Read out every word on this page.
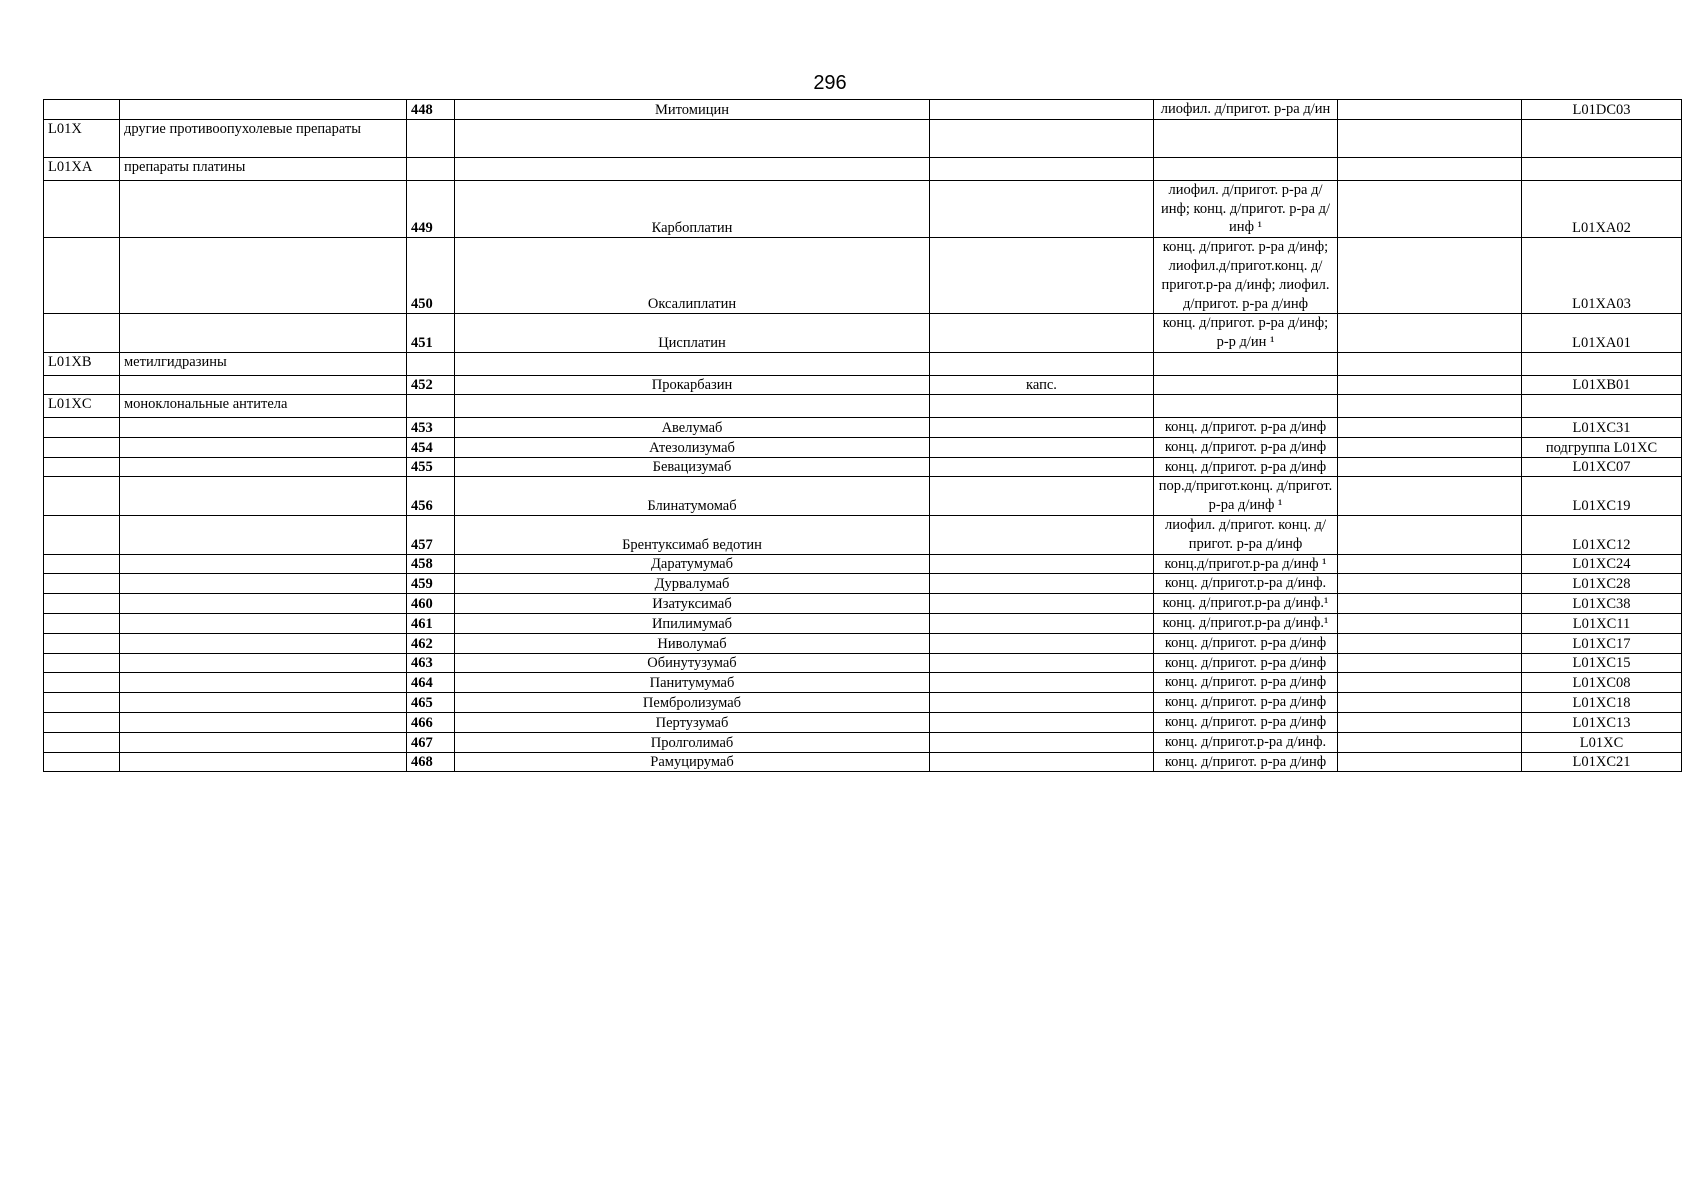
296
		448	Митомицин		лиофил. д/пригот. р-ра д/ин		L01DC03
L01X	другие противоопухолевые препараты						
L01XA	препараты платины						
		449	Карбоплатин		лиофил. д/пригот. р-ра д/инф; конц. д/пригот. р-ра д/инф ¹		L01XA02
		450	Оксалиплатин		конц. д/пригот. р-ра д/инф; лиофил.д/пригот.конц. д/пригот.р-ра д/инф; лиофил. д/пригот. р-ра д/инф		L01XA03
		451	Цисплатин		конц. д/пригот. р-ра д/инф; р-р д/ин ¹		L01XA01
L01XB	метилгидразины						
		452	Прокарбазин	капс.			L01XB01
L01XC	моноклональные антитела						
		453	Авелумаб		конц. д/пригот. р-ра д/инф		L01XC31
		454	Атезолизумаб		конц. д/пригот. р-ра д/инф		подгруппа L01XC
		455	Бевацизумаб		конц. д/пригот. р-ра д/инф		L01XC07
		456	Блинатумомаб		пор.д/пригот.конц. д/пригот. р-ра д/инф ¹		L01XC19
		457	Брентуксимаб ведотин		лиофил. д/пригот. конц. д/пригот. р-ра д/инф		L01XC12
		458	Даратумумаб		конц.д/пригот.р-ра д/инф ¹		L01XC24
		459	Дурвалумаб		конц. д/пригот.р-ра д/инф.		L01XC28
		460	Изатуксимаб		конц. д/пригот.р-ра д/инф.¹		L01XC38
		461	Ипилимумаб		конц. д/пригот.р-ра д/инф.¹		L01XC11
		462	Ниволумаб		конц. д/пригот. р-ра д/инф		L01XC17
		463	Обинутузумаб		конц. д/пригот. р-ра д/инф		L01XC15
		464	Панитумумаб		конц. д/пригот. р-ра д/инф		L01XC08
		465	Пембролизумаб		конц. д/пригот. р-ра д/инф		L01XC18
		466	Пертузумаб		конц. д/пригот. р-ра д/инф		L01XC13
		467	Пролголимаб		конц. д/пригот.р-ра д/инф.		L01XC
		468	Рамуцирумаб		конц. д/пригот. р-ра д/инф		L01XC21
